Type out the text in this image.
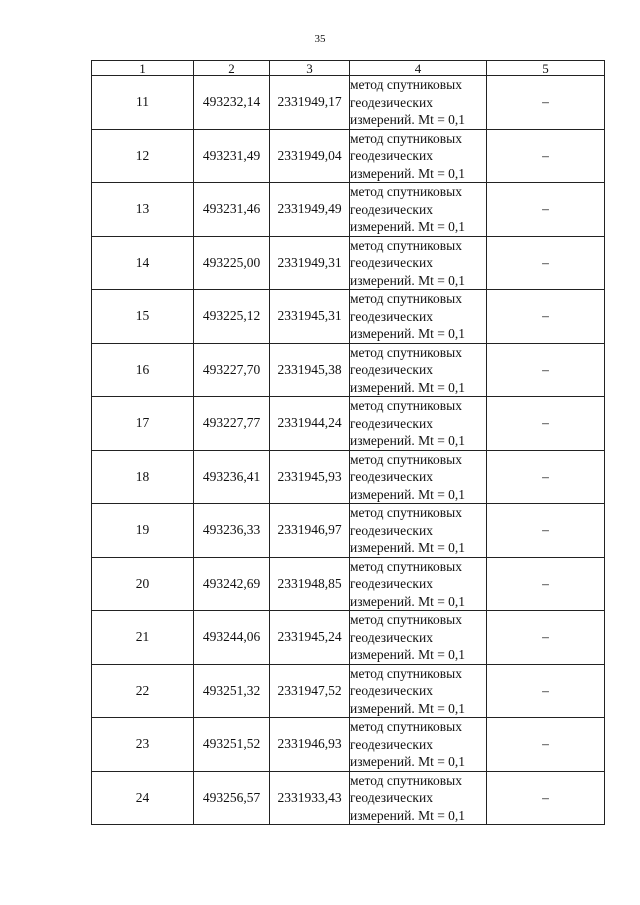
35
1	2	3	4	5
11	493232,14	2331949,17	метод спутниковых
геодезических
измерений. Mt = 0,1	–
12	493231,49	2331949,04	метод спутниковых
геодезических
измерений. Mt = 0,1	–
13	493231,46	2331949,49	метод спутниковых
геодезических
измерений. Mt = 0,1	–
14	493225,00	2331949,31	метод спутниковых
геодезических
измерений. Mt = 0,1	–
15	493225,12	2331945,31	метод спутниковых
геодезических
измерений. Mt = 0,1	–
16	493227,70	2331945,38	метод спутниковых
геодезических
измерений. Mt = 0,1	–
17	493227,77	2331944,24	метод спутниковых
геодезических
измерений. Mt = 0,1	–
18	493236,41	2331945,93	метод спутниковых
геодезических
измерений. Mt = 0,1	–
19	493236,33	2331946,97	метод спутниковых
геодезических
измерений. Mt = 0,1	–
20	493242,69	2331948,85	метод спутниковых
геодезических
измерений. Mt = 0,1	–
21	493244,06	2331945,24	метод спутниковых
геодезических
измерений. Mt = 0,1	–
22	493251,32	2331947,52	метод спутниковых
геодезических
измерений. Mt = 0,1	–
23	493251,52	2331946,93	метод спутниковых
геодезических
измерений. Mt = 0,1	–
24	493256,57	2331933,43	метод спутниковых
геодезических
измерений. Mt = 0,1	–
